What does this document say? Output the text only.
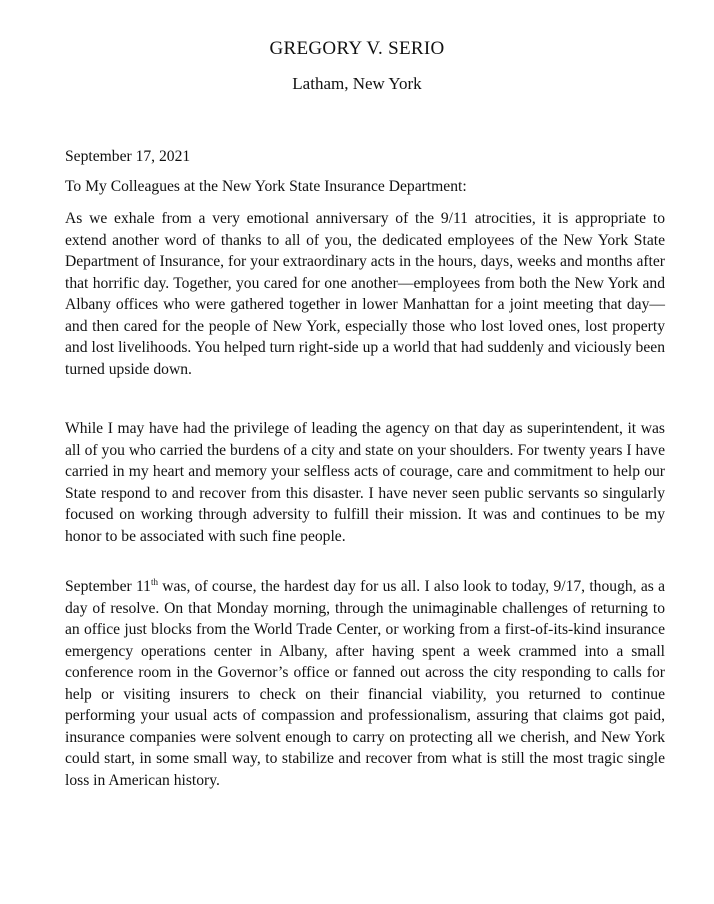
GREGORY V. SERIO
Latham, New York
September 17, 2021
To My Colleagues at the New York State Insurance Department:

As we exhale from a very emotional anniversary of the 9/11 atrocities, it is appropriate to extend another word of thanks to all of you, the dedicated employees of the New York State Department of Insurance, for your extraordinary acts in the hours, days, weeks and months after that horrific day. Together, you cared for one another—employees from both the New York and Albany offices who were gathered together in lower Manhattan for a joint meeting that day—and then cared for the people of New York, especially those who lost loved ones, lost property and lost livelihoods. You helped turn right-side up a world that had suddenly and viciously been turned upside down.

While I may have had the privilege of leading the agency on that day as superintendent, it was all of you who carried the burdens of a city and state on your shoulders. For twenty years I have carried in my heart and memory your selfless acts of courage, care and commitment to help our State respond to and recover from this disaster. I have never seen public servants so singularly focused on working through adversity to fulfill their mission. It was and continues to be my honor to be associated with such fine people.

September 11th was, of course, the hardest day for us all. I also look to today, 9/17, though, as a day of resolve. On that Monday morning, through the unimaginable challenges of returning to an office just blocks from the World Trade Center, or working from a first-of-its-kind insurance emergency operations center in Albany, after having spent a week crammed into a small conference room in the Governor’s office or fanned out across the city responding to calls for help or visiting insurers to check on their financial viability, you returned to continue performing your usual acts of compassion and professionalism, assuring that claims got paid, insurance companies were solvent enough to carry on protecting all we cherish, and New York could start, in some small way, to stabilize and recover from what is still the most tragic single loss in American history.
